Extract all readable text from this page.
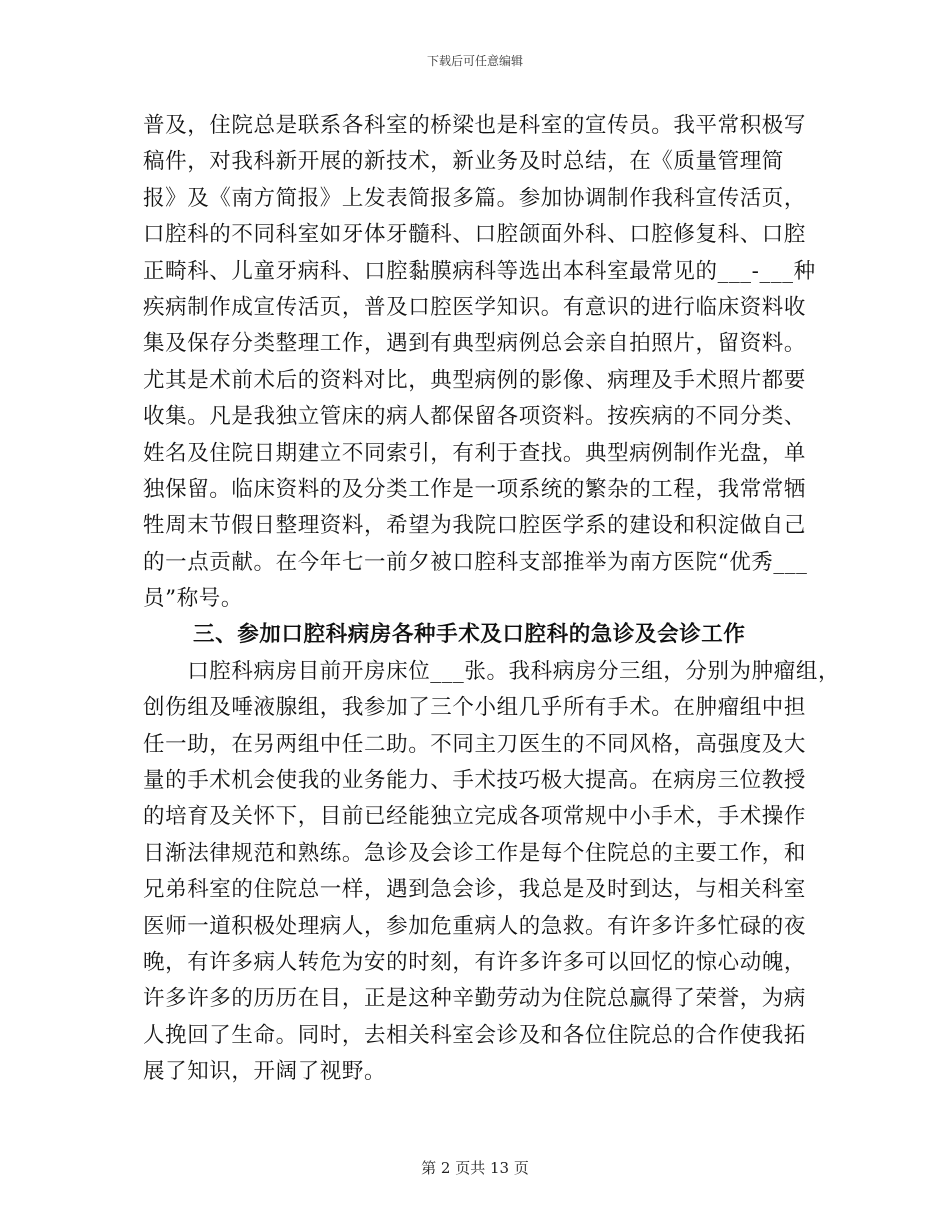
下载后可任意编辑
普及，住院总是联系各科室的桥梁也是科室的宣传员。我平常积极写
稿件，对我科新开展的新技术，新业务及时总结，在《质量管理简
报》及《南方简报》上发表简报多篇。参加协调制作我科宣传活页，
口腔科的不同科室如牙体牙髓科、口腔颌面外科、口腔修复科、口腔
正畸科、儿童牙病科、口腔黏膜病科等选出本科室最常见的___-___种
疾病制作成宣传活页，普及口腔医学知识。有意识的进行临床资料收
集及保存分类整理工作，遇到有典型病例总会亲自拍照片，留资料。
尤其是术前术后的资料对比，典型病例的影像、病理及手术照片都要
收集。凡是我独立管床的病人都保留各项资料。按疾病的不同分类、
姓名及住院日期建立不同索引，有利于查找。典型病例制作光盘，单
独保留。临床资料的及分类工作是一项系统的繁杂的工程，我常常牺
牲周末节假日整理资料，希望为我院口腔医学系的建设和积淀做自己
的一点贡献。在今年七一前夕被口腔科支部推举为南方医院“优秀___
员”称号。
三、参加口腔科病房各种手术及口腔科的急诊及会诊工作
　　口腔科病房目前开房床位___张。我科病房分三组，分别为肿瘤组，
创伤组及唾液腺组，我参加了三个小组几乎所有手术。在肿瘤组中担
任一助，在另两组中任二助。不同主刀医生的不同风格，高强度及大
量的手术机会使我的业务能力、手术技巧极大提高。在病房三位教授
的培育及关怀下，目前已经能独立完成各项常规中小手术，手术操作
日渐法律规范和熟练。急诊及会诊工作是每个住院总的主要工作，和
兄弟科室的住院总一样，遇到急会诊，我总是及时到达，与相关科室
医师一道积极处理病人，参加危重病人的急救。有许多许多忙碌的夜
晚，有许多病人转危为安的时刻，有许多许多可以回忆的惊心动魄，
许多许多的历历在目，正是这种辛勤劳动为住院总赢得了荣誉，为病
人挽回了生命。同时，去相关科室会诊及和各位住院总的合作使我拓
展了知识，开阔了视野。
第 2 页共 13 页
